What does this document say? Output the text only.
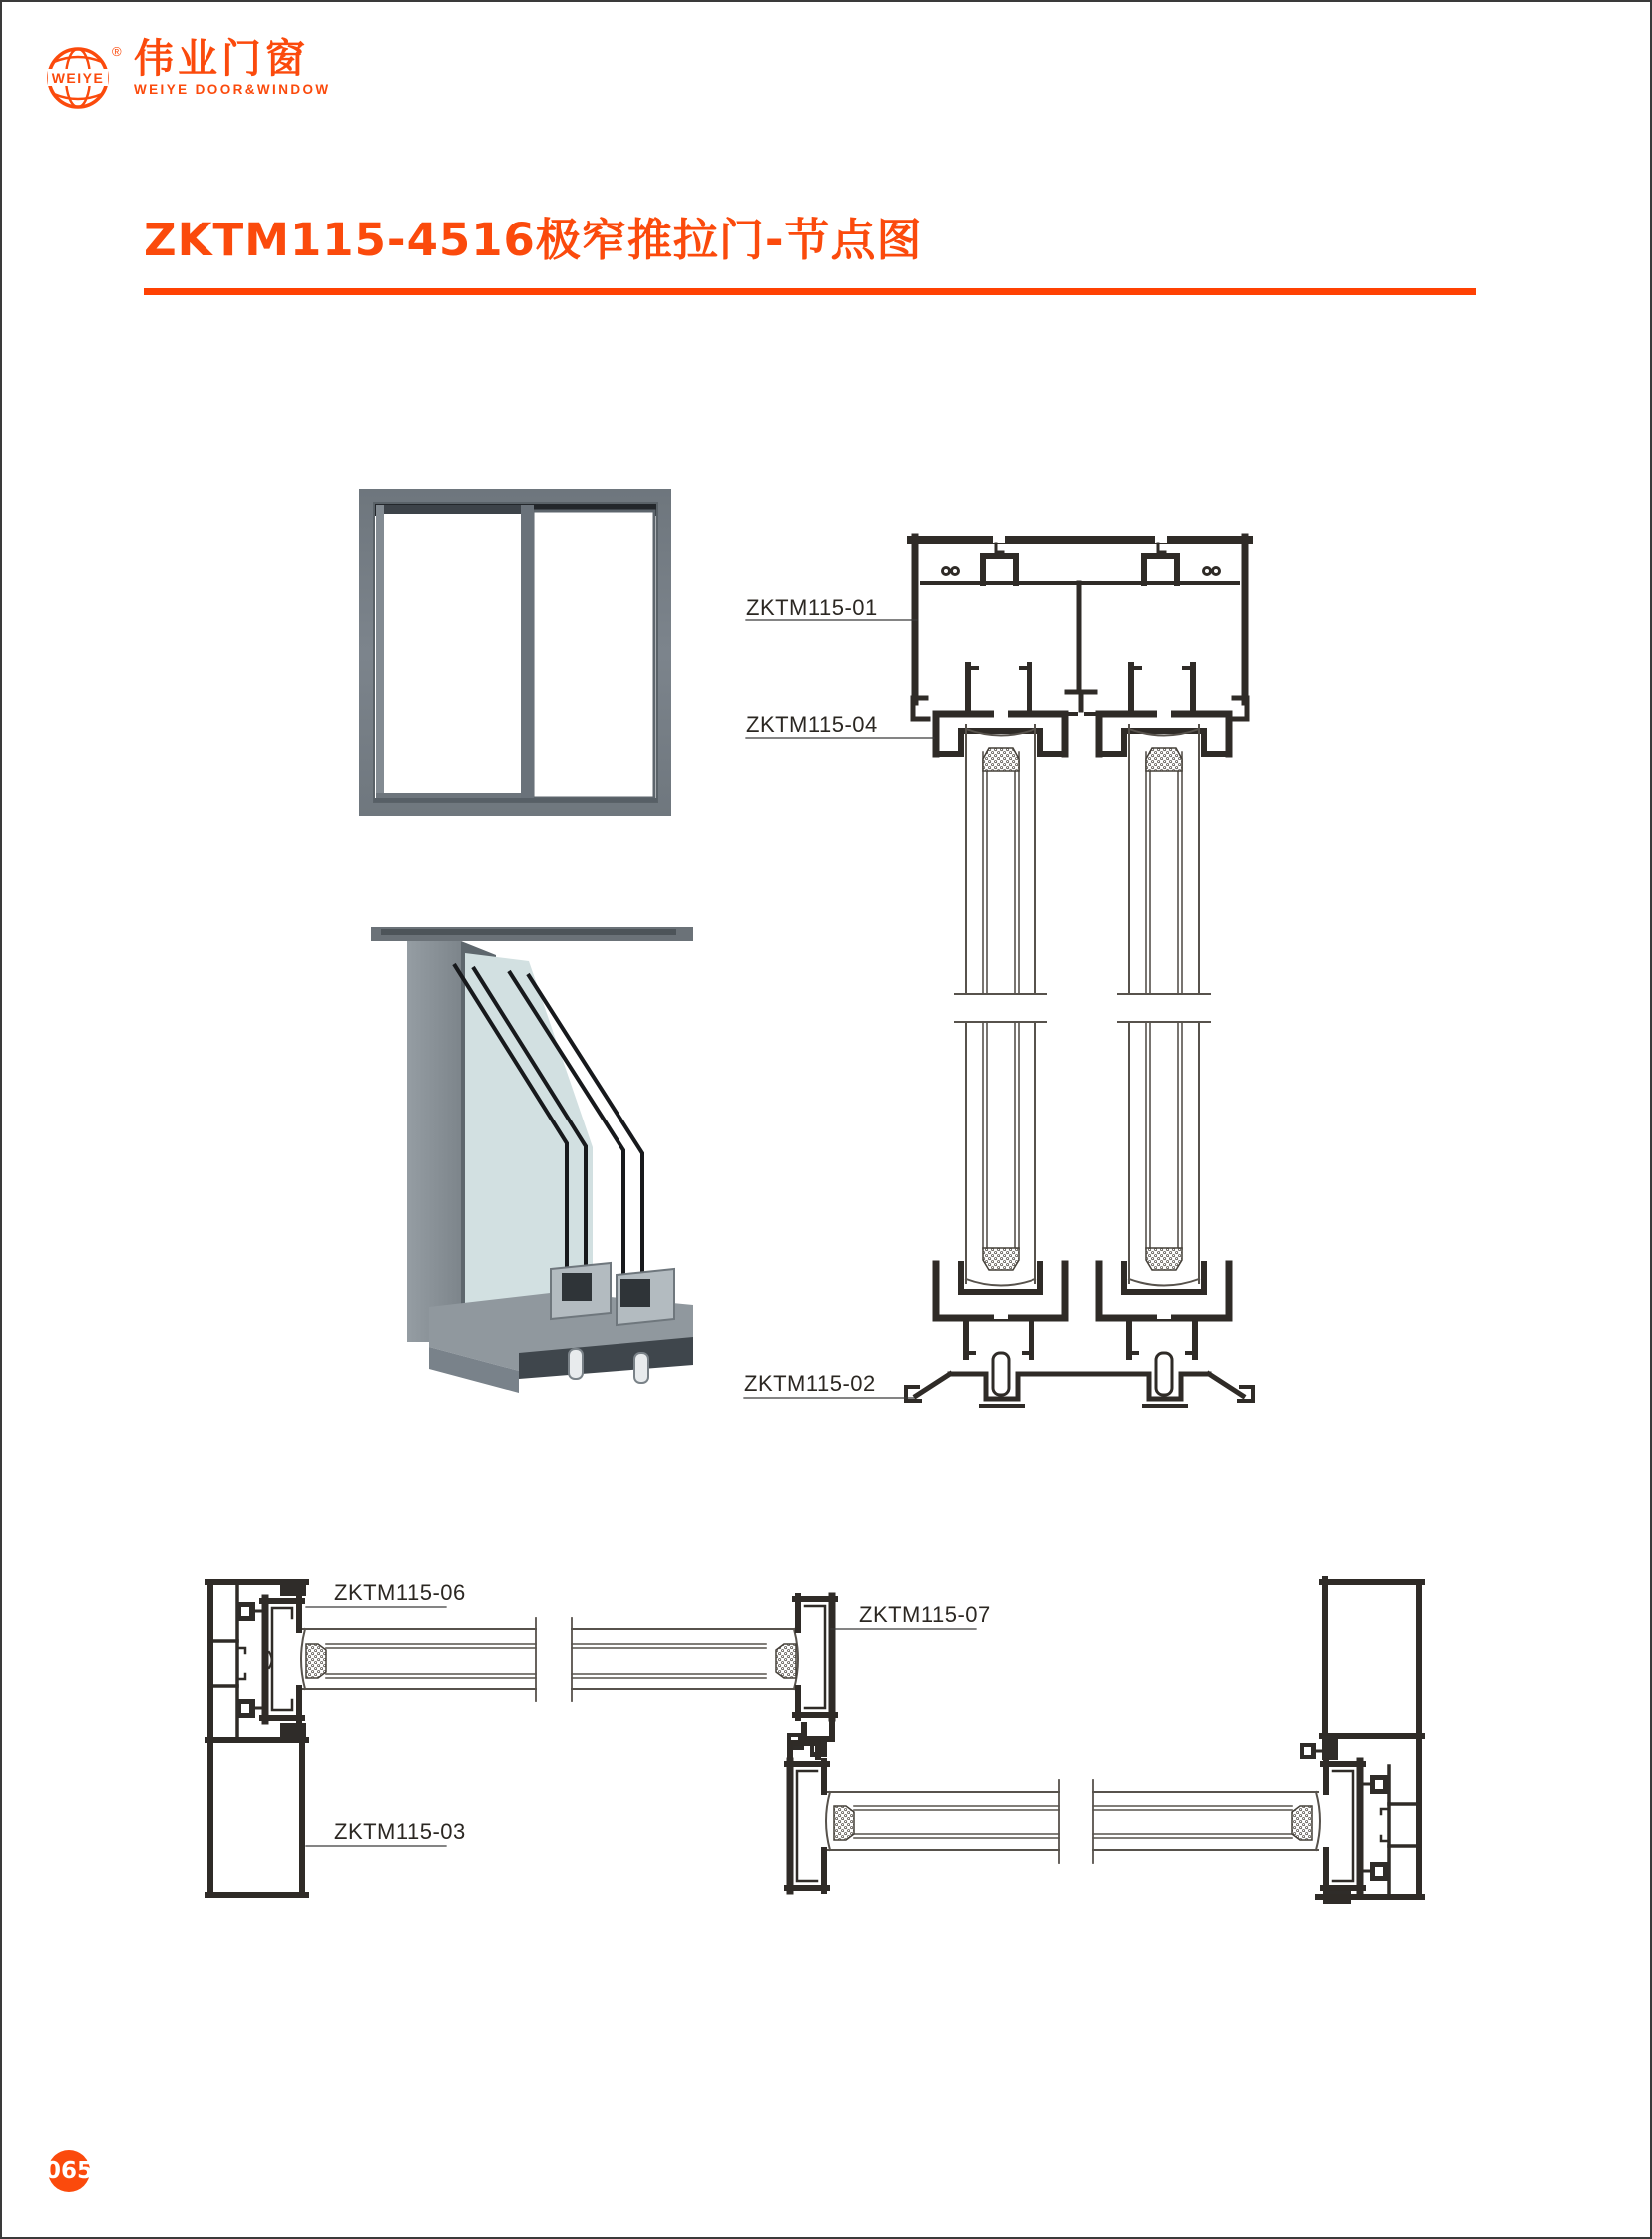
WEIYE
® 伟业门窗
WEIYE DOOR&WINDOW
ZKTM115-4516极窄推拉门-节点图
ZKTM115-01
ZKTM115-04
ZKTM115-02
ZKTM115-06
ZKTM115-07
ZKTM115-03
065
